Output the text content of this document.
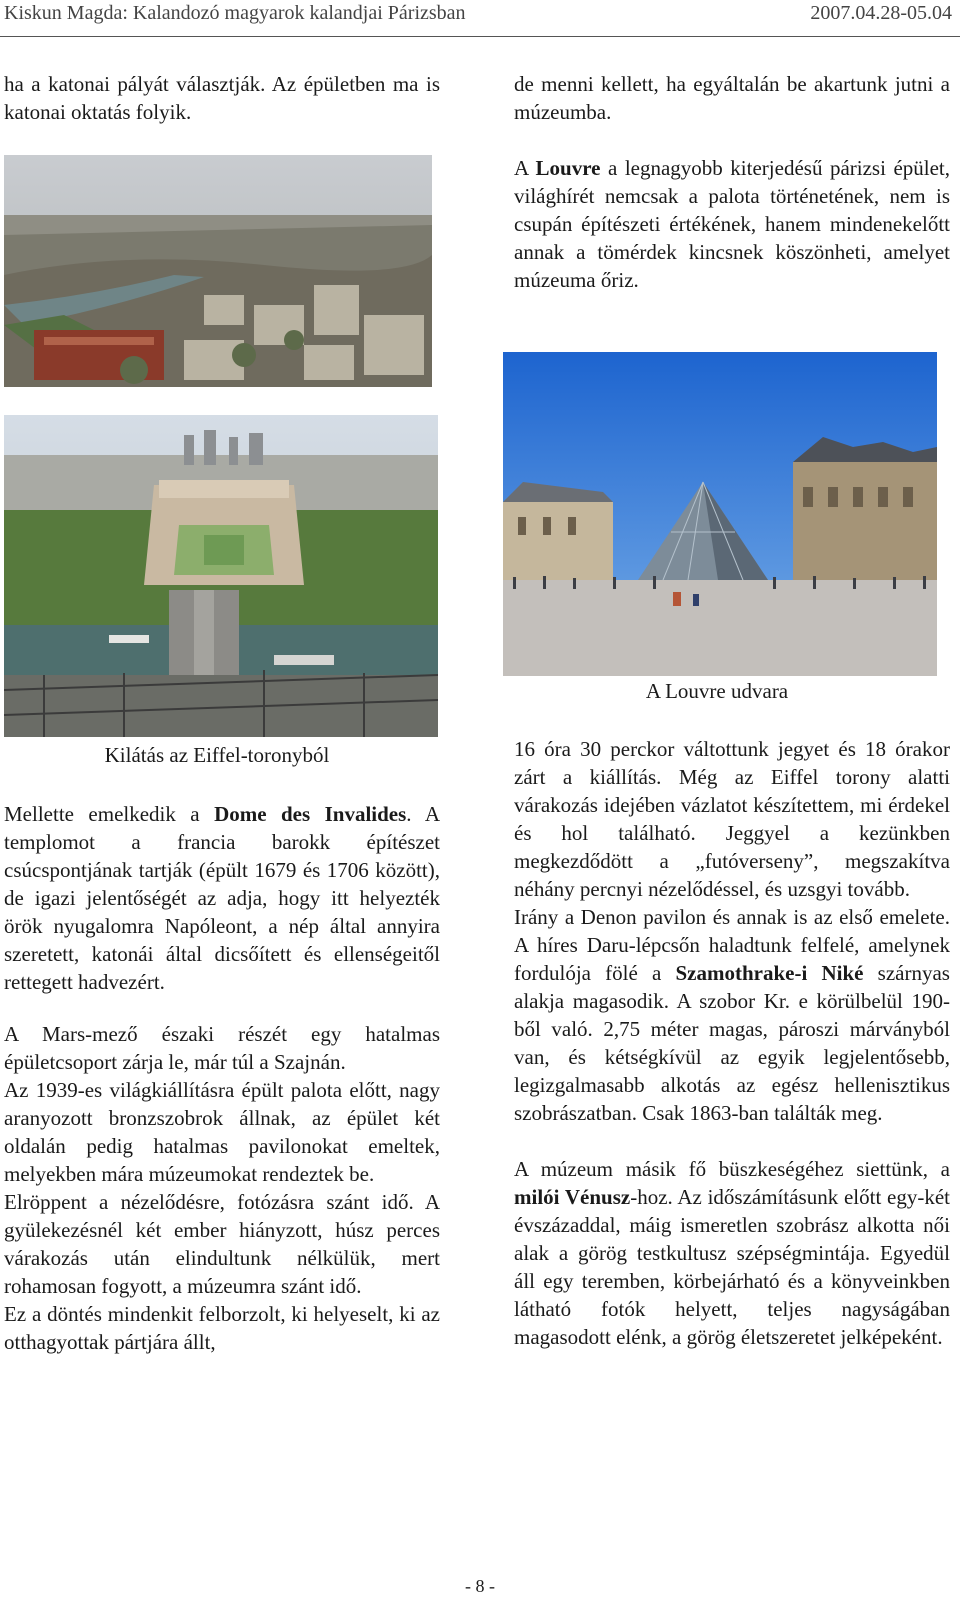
Kiskun Magda: Kalandozó magyarok kalandjai Párizsban	2007.04.28-05.04

ha a katonai pályát választják. Az épületben ma is katonai oktatás folyik.

Kilátás az Eiffel-toronyból

Mellette emelkedik a Dome des Invalides. A templomot a francia barokk építészet csúcspontjának tartják (épült 1679 és 1706 között), de igazi jelentőségét az adja, hogy itt helyezték örök nyugalomra Napóleont, a nép által annyira szeretett, katonái által dicsőített és ellenségeitől rettegett hadvezért.

A Mars-mező északi részét egy hatalmas épületcsoport zárja le, már túl a Szajnán.

Az 1939-es világkiállításra épült palota előtt, nagy aranyozott bronzszobrok állnak, az épület két oldalán pedig hatalmas pavilonokat emeltek, melyekben mára múzeumokat rendeztek be.

Elröppent a nézelődésre, fotózásra szánt idő. A gyülekezésnél két ember hiányzott, húsz perces várakozás után elindultunk nélkülük, mert rohamosan fogyott, a múzeumra szánt idő.

Ez a döntés mindenkit felborzolt, ki helyeselt, ki az otthagyottak pártjára állt,

de menni kellett, ha egyáltalán be akartunk jutni a múzeumba.

A Louvre a legnagyobb kiterjedésű párizsi épület, világhírét nemcsak a palota történetének, nem is csupán építészeti értékének, hanem mindenekelőtt annak a tömérdek kincsnek köszönheti, amelyet múzeuma őriz.

A Louvre udvara

16 óra 30 perckor váltottunk jegyet és 18 órakor zárt a kiállítás. Még az Eiffel torony alatti várakozás idejében vázlatot készítettem, mi érdekel és hol található. Jeggyel a kezünkben megkezdődött a „futóverseny”, megszakítva néhány percnyi nézelődéssel, és uzsgyi tovább.

Irány a Denon pavilon és annak is az első emelete. A híres Daru-lépcsőn haladtunk felfelé, amelynek fordulója fölé a Szamothrake-i Niké szárnyas alakja magasodik. A szobor Kr. e körülbelül 190-ből való. 2,75 méter magas, pároszi márványból van, és kétségkívül az egyik legjelentősebb, legizgalmasabb alkotás az egész hellenisztikus szobrászatban. Csak 1863-ban találták meg.

A múzeum másik fő büszkeségéhez siettünk, a milói Vénusz-hoz. Az időszámításunk előtt egy-két évszázaddal, máig ismeretlen szobrász alkotta női alak a görög testkultusz szépségmintája. Egyedül áll egy teremben, körbejárható és a könyveinkben látható fotók helyett, teljes nagyságában magasodott elénk, a görög életszeretet jelképeként.

- 8 -
